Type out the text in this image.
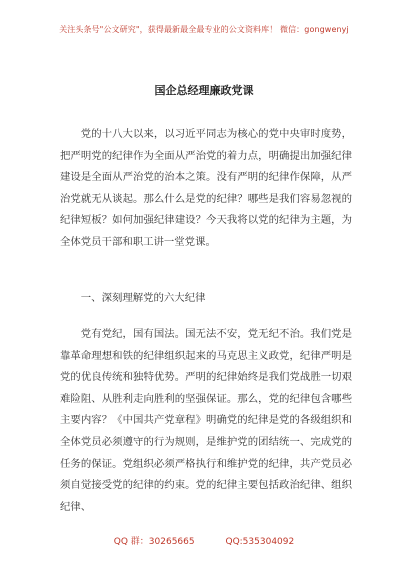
关注头条号"公文研究"，获得最新最全最专业的公文资料库！ 微信：gongwenyj
国企总经理廉政党课

党的十八大以来，以习近平同志为核心的党中央审时度势，把严明党的纪律作为全面从严治党的着力点，明确提出加强纪律建设是全面从严治党的治本之策。没有严明的纪律作保障，从严治党就无从谈起。那么什么是党的纪律？哪些是我们容易忽视的纪律短板？如何加强纪律建设？今天我将以党的纪律为主题，为全体党员干部和职工讲一堂党课。

一、深刻理解党的六大纪律

党有党纪，国有国法。国无法不安，党无纪不治。我们党是靠革命理想和铁的纪律组织起来的马克思主义政党，纪律严明是党的优良传统和独特优势。严明的纪律始终是我们党战胜一切艰难险阻、从胜利走向胜利的坚强保证。那么，党的纪律包含哪些主要内容？《中国共产党章程》明确党的纪律是党的各级组织和全体党员必须遵守的行为规则，是维护党的团结统一、完成党的任务的保证。党组织必须严格执行和维护党的纪律，共产党员必须自觉接受党的纪律的约束。党的纪律主要包括政治纪律、组织纪律、

QQ 群：30265665	QQ:535304092
